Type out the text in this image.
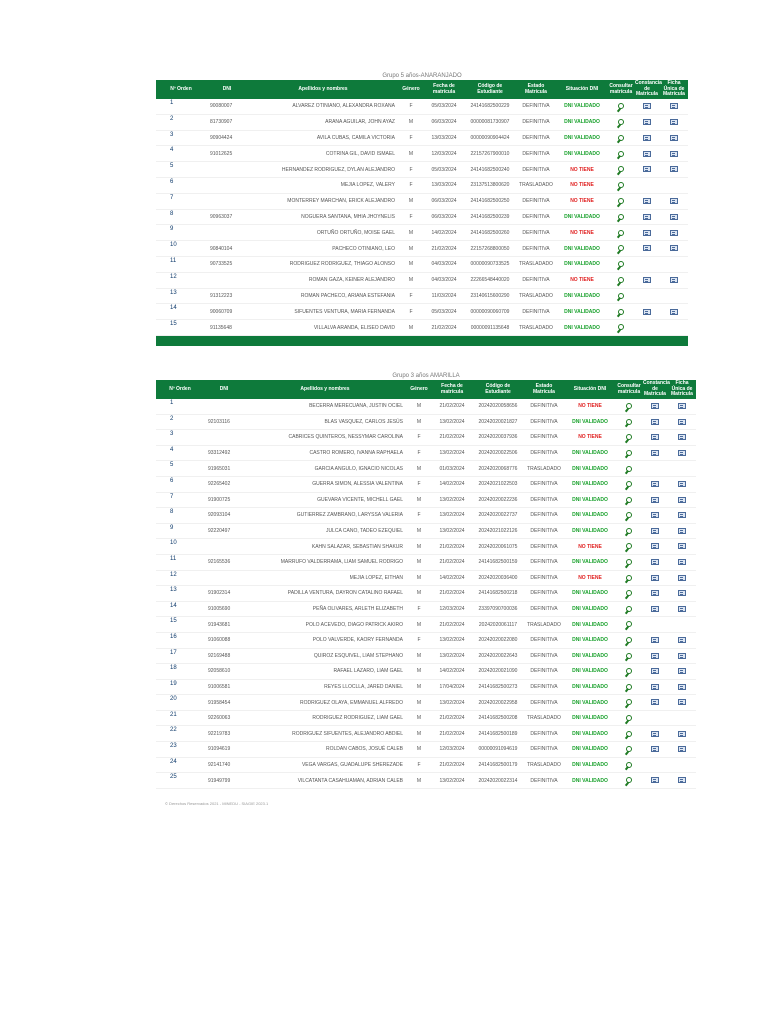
Grupo 5 años-ANARANJADO
Nº Orden	DNI	Apellidos y nombres	Género	Fecha de matrícula	Código de Estudiante	Estado Matrícula	Situación DNI	Consultar matrícula	Constancia de Matrícula	Ficha Única de Matrícula
1	90080007	ALVAREZ OTINIANO, ALEXANDRA ROXANA	F	05/03/2024	24141682500229	DEFINITIVA	DNI VALIDADO			
2	81730907	ARANA AGUILAR, JOHN AYAZ	M	06/03/2024	00000081730907	DEFINITIVA	DNI VALIDADO			
3	90904424	AVILA CUBAS, CAMILA VICTORIA	F	13/03/2024	00000090904424	DEFINITIVA	DNI VALIDADO			
4	91012625	COTRINA GIL, DAVID ISMAEL	M	12/03/2024	22157267900010	DEFINITIVA	DNI VALIDADO			
5		HERNANDEZ RODRIGUEZ, DYLAN ALEJANDRO	F	05/03/2024	24141682500240	DEFINITIVA	NO TIENE			
6		MEJIA LOPEZ, VALERY	F	13/03/2024	23137513800620	TRASLADADO	NO TIENE			
7		MONTERREY MARCHAN, ERICK ALEJANDRO	M	06/03/2024	24141682500250	DEFINITIVA	NO TIENE			
8	90963037	NOGUERA SANTANA, MHIA JHOYNELIS	F	06/03/2024	24141682500239	DEFINITIVA	DNI VALIDADO			
9		ORTUÑO ORTUÑO, MOISE GAEL	M	14/02/2024	24141682500260	DEFINITIVA	NO TIENE			
10	90840104	PACHECO OTINIANO, LEO	M	21/02/2024	22157268800050	DEFINITIVA	DNI VALIDADO			
11	90733525	RODRIGUEZ RODRIGUEZ, THIAGO ALONSO	M	04/03/2024	00000090733525	TRASLADADO	DNI VALIDADO			
12		ROMAN GAZA, KEINER ALEJANDRO	M	04/03/2024	22266548440020	DEFINITIVA	NO TIENE			
13	91312223	ROMAN PACHECO, ARIANA ESTEFANIA	F	11/03/2024	23140615600290	TRASLADADO	DNI VALIDADO			
14	90060709	SIFUENTES VENTURA, MARIA FERNANDA	F	05/03/2024	00000090060709	DEFINITIVA	DNI VALIDADO			
15	91135648	VILLALVA ARANDA, ELISEO DAVID	M	21/02/2024	00000091135648	TRASLADADO	DNI VALIDADO			
Grupo 3 años AMARILLA
Nº Orden	DNI	Apellidos y nombres	Género	Fecha de matrícula	Código de Estudiante	Estado Matrícula	Situación DNI	Consultar matrícula	Constancia de Matrícula	Ficha Única de Matrícula
1		BECERRA MERECUANA, JUSTIN OCIEL	M	21/02/2024	20242020058656	DEFINITIVA	NO TIENE			
2	92103116	BLAS VASQUEZ, CARLOS JESÚS	M	13/02/2024	20242020021827	DEFINITIVA	DNI VALIDADO			
3		CABRICES QUINTEROS, NESSYMAR CAROLINA	F	21/02/2024	20242020037936	DEFINITIVA	NO TIENE			
4	93312492	CASTRO ROMERO, IVANNA RAPHAELA	F	13/02/2024	20242020022506	DEFINITIVA	DNI VALIDADO			
5	91965031	GARCIA ANGULO, IGNACIO NICOLAS	M	01/03/2024	20242020068776	TRASLADADO	DNI VALIDADO			
6	92265402	GUERRA SIMON, ALESSIA VALENTINA	F	14/02/2024	20242021022503	DEFINITIVA	DNI VALIDADO			
7	91900725	GUEVARA VICENTE, MICHELL GAEL	M	13/02/2024	20242020022236	DEFINITIVA	DNI VALIDADO			
8	92093104	GUTIERREZ ZAMBRANO, LARYSSA VALERIA	F	13/02/2024	20242020022737	DEFINITIVA	DNI VALIDADO			
9	92220497	JULCA CANO, TADEO EZEQUIEL	M	13/02/2024	20242021022126	DEFINITIVA	DNI VALIDADO			
10		KAHN SALAZAR, SEBASTIAN SHAKUR	M	21/02/2024	20242020061075	DEFINITIVA	NO TIENE			
11	92165536	MARRUFO VALDERRAMA, LIAM SAMUEL RODRIGO	M	21/02/2024	24141682500159	DEFINITIVA	DNI VALIDADO			
12		MEJIA LOPEZ, EITHAN	M	14/02/2024	20242020036400	DEFINITIVA	NO TIENE			
13	91902314	PADILLA VENTURA, DAYRON CATALINO RAFAEL	M	21/02/2024	24141682500218	DEFINITIVA	DNI VALIDADO			
14	91005690	PEÑA OLIVARES, ARLETH ELIZABETH	F	12/03/2024	23397090700036	DEFINITIVA	DNI VALIDADO			
15	91943681	POLO ACEVEDO, DIAGO PATRICK AKIRO	M	21/02/2024	20242020061117	TRASLADADO	DNI VALIDADO			
16	91060088	POLO VALVERDE, KAORY FERNANDA	F	13/02/2024	20242020022080	DEFINITIVA	DNI VALIDADO			
17	92169488	QUIROZ ESQUIVEL, LIAM STEPHANO	M	13/02/2024	20242020022643	DEFINITIVA	DNI VALIDADO			
18	92058610	RAFAEL LAZARO, LIAM GAEL	M	14/02/2024	20242020021090	DEFINITIVA	DNI VALIDADO			
19	91006581	REYES LLOCLLA, JARED DANIEL	M	17/04/2024	24141682500273	DEFINITIVA	DNI VALIDADO			
20	91958454	RODRIGUEZ OLAYA, EMMANUEL ALFREDO	M	13/02/2024	20242020022958	DEFINITIVA	DNI VALIDADO			
21	92260063	RODRIGUEZ RODRIGUEZ, LIAM GAEL	M	21/02/2024	24141682500208	TRASLADADO	DNI VALIDADO			
22	92219783	RODRIGUEZ SIFUENTES, ALEJANDRO ABDIEL	M	21/02/2024	24141682500189	DEFINITIVA	DNI VALIDADO			
23	91094619	ROLDAN CABOS, JOSUÉ CALEB	M	12/03/2024	00000091094619	DEFINITIVA	DNI VALIDADO			
24	92141740	VEGA VARGAS, GUADALUPE SHEREZADE	F	21/02/2024	24141682500179	TRASLADADO	DNI VALIDADO			
25	91949799	VILCATANTA CASAHUAMAN, ADRIAN CALEB	M	13/02/2024	20242020022314	DEFINITIVA	DNI VALIDADO			
© Derechos Reservados 2021 - MINEDU - SIAGIE 2023.1
